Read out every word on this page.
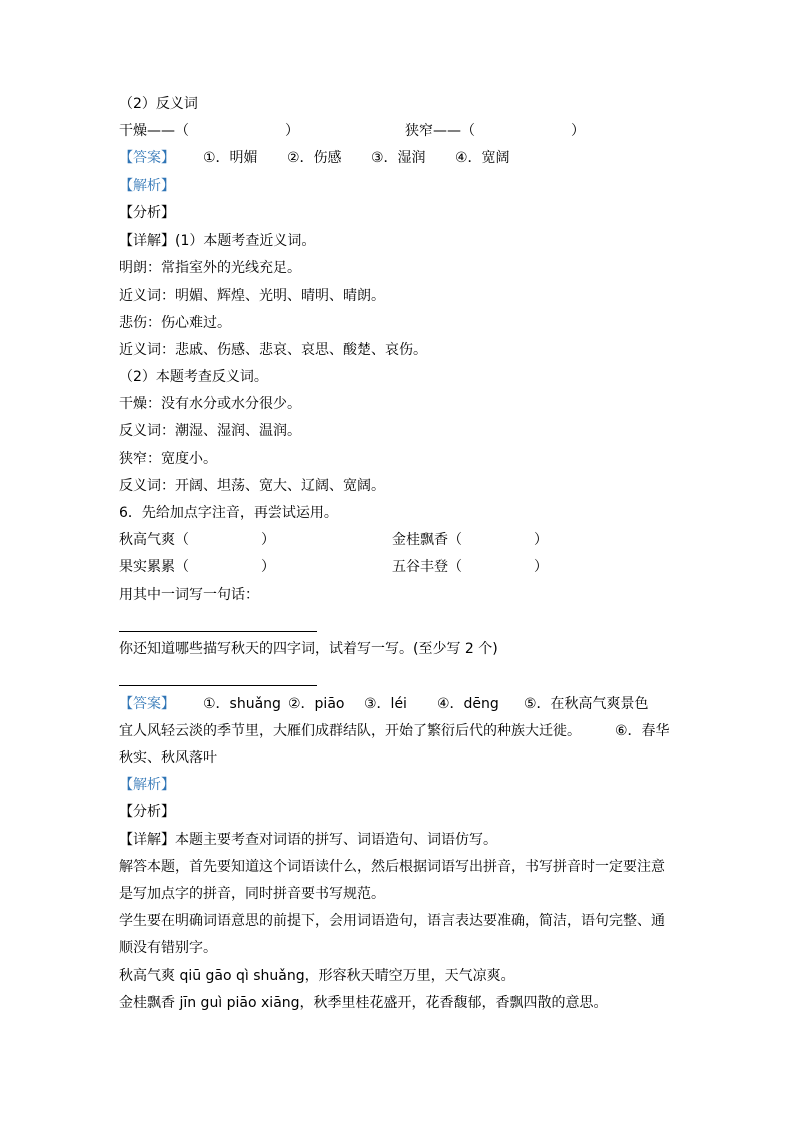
（2）反义词
干燥——（	）	狭窄——（	）
【答案】 ①．明媚 ②．伤感 ③．湿润 ④．宽阔
【解析】
【分析】
【详解】(1）本题考查近义词。
明朗：常指室外的光线充足。
近义词：明媚、辉煌、光明、晴明、晴朗。
悲伤：伤心难过。
近义词：悲戚、伤感、悲哀、哀思、酸楚、哀伤。
（2）本题考查反义词。
干燥：没有水分或水分很少。
反义词：潮湿、湿润、温润。
狭窄：宽度小。
反义词：开阔、坦荡、宽大、辽阔、宽阔。
6．先给加点字注音，再尝试运用。
秋高气爽（	）	金桂飘香（	）
果实累累（	）	五谷丰登（	）
用其中一词写一句话：
你还知道哪些描写秋天的四字词，试着写一写。(至少写 2 个)
【答案】 ①．shuǎng ②．piāo ③．léi ④．dēng ⑤．在秋高气爽景色
宜人风轻云淡的季节里，大雁们成群结队，开始了繁衍后代的种族大迁徙。 ⑥．春华
秋实、秋风落叶
【解析】
【分析】
【详解】本题主要考查对词语的拼写、词语造句、词语仿写。
解答本题，首先要知道这个词语读什么，然后根据词语写出拼音，书写拼音时一定要注意
是写加点字的拼音，同时拼音要书写规范。
学生要在明确词语意思的前提下，会用词语造句，语言表达要准确，简洁，语句完整、通
顺没有错别字。
秋高气爽 qiū gāo qì shuǎng，形容秋天晴空万里，天气凉爽。
金桂飘香 jīn guì piāo xiāng，秋季里桂花盛开，花香馥郁，香飘四散的意思。
